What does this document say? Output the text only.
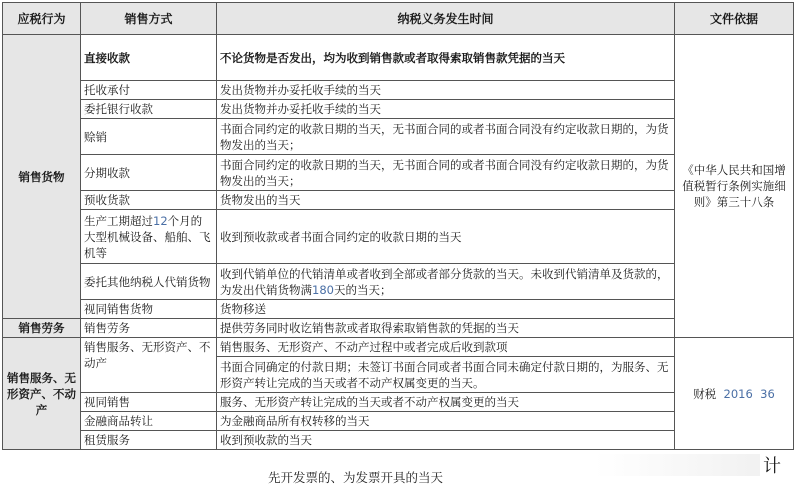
应税行为	销售方式	纳税义务发生时间	文件依据
销售货物	直接收款	不论货物是否发出，均为收到销售款或者取得索取销售款凭据的当天	《中华人民共和国增值税暂行条例实施细则》第三十八条
	托收承付	发出货物并办妥托收手续的当天	
	委托银行收款	发出货物并办妥托收手续的当天	
	赊销	书面合同约定的收款日期的当天，无书面合同的或者书面合同没有约定收款日期的，为货物发出的当天；	
	分期收款	书面合同约定的收款日期的当天，无书面合同的或者书面合同没有约定收款日期的，为货物发出的当天；	
	预收货款	货物发出的当天	
	生产工期超过12个月的大型机械设备、船舶、飞机等	收到预收款或者书面合同约定的收款日期的当天	
	委托其他纳税人代销货物	收到代销单位的代销清单或者收到全部或者部分货款的当天。未收到代销清单及货款的，为发出代销货物满180天的当天；	
	视同销售货物	货物移送	
销售劳务	销售劳务	提供劳务同时收讫销售款或者取得索取销售款的凭据的当天	
销售服务、无形资产、不动产	销售服务、无形资产、不动产	销售服务、无形资产、不动产过程中或者完成后收到款项	财税 2016 36
		书面合同确定的付款日期；未签订书面合同或者书面合同未确定付款日期的，为服务、无形资产转让完成的当天或者不动产权属变更的当天。	
	视同销售	服务、无形资产转让完成的当天或者不动产权属变更的当天	
	金融商品转让	为金融商品所有权转移的当天	
	租赁服务	收到预收款的当天	
先开发票的、为发票开具的当天
计
